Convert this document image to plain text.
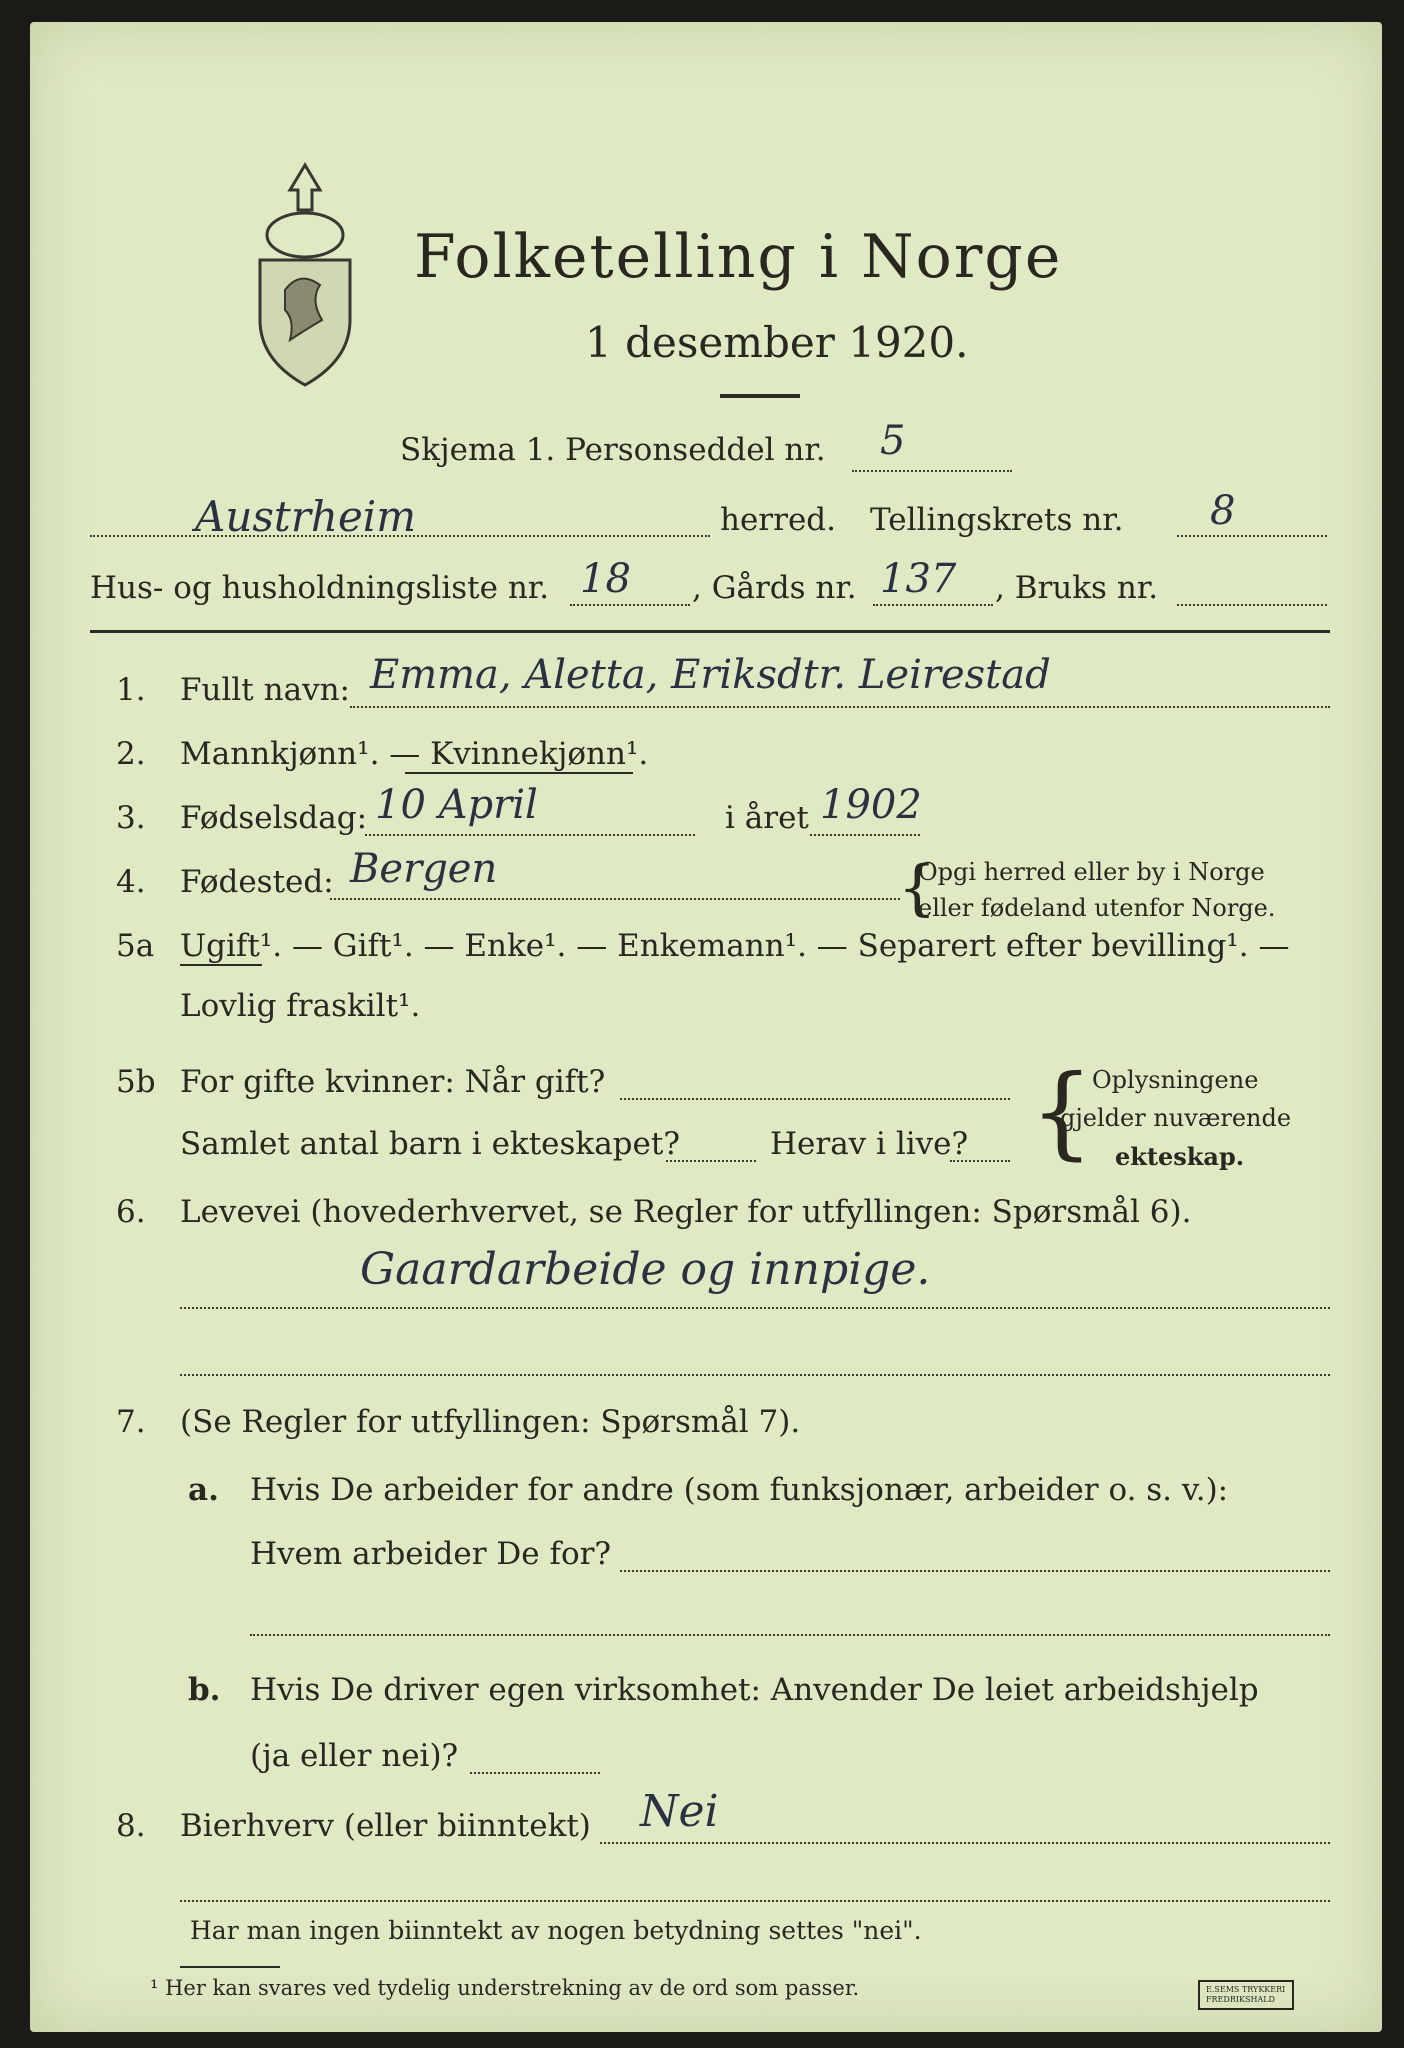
Folketelling i Norge
1 desember 1920.
Skjema 1. Personseddel nr. 5
Austrheim	herred. Tellingskrets nr. 8
Hus- og husholdningsliste nr. 18 , Gårds nr. 137 , Bruks nr.
1. Fullt navn: Emma, Aletta, Eriksdtr. Leirestad
2. Mannkjønn¹. — Kvinnekjønn¹.
3. Fødselsdag: 10 April	i året 1902
4. Fødested: Bergen	{
Opgi herred eller by i Norge
eller fødeland utenfor Norge.
5a Ugift¹. — Gift¹. — Enke¹. — Enkemann¹. — Separert efter bevilling¹. —
Lovlig fraskilt¹.
5b For gifte kvinner: Når gift?
Samlet antal barn i ekteskapet?	Herav i live? {
Oplysningene
gjelder nuværende
ekteskap.
6. Levevei (hovederhvervet, se Regler for utfyllingen: Spørsmål 6).
Gaardarbeide og innpige.
7. (Se Regler for utfyllingen: Spørsmål 7).
a. Hvis De arbeider for andre (som funksjonær, arbeider o. s. v.):
Hvem arbeider De for?
b. Hvis De driver egen virksomhet: Anvender De leiet arbeidshjelp
(ja eller nei)?
8. Bierhverv (eller biinntekt) Nei
Har man ingen biinntekt av nogen betydning settes "nei".
¹ Her kan svares ved tydelig understrekning av de ord som passer.	E.SEMS TRYKKERI FREDRIKSHALD
